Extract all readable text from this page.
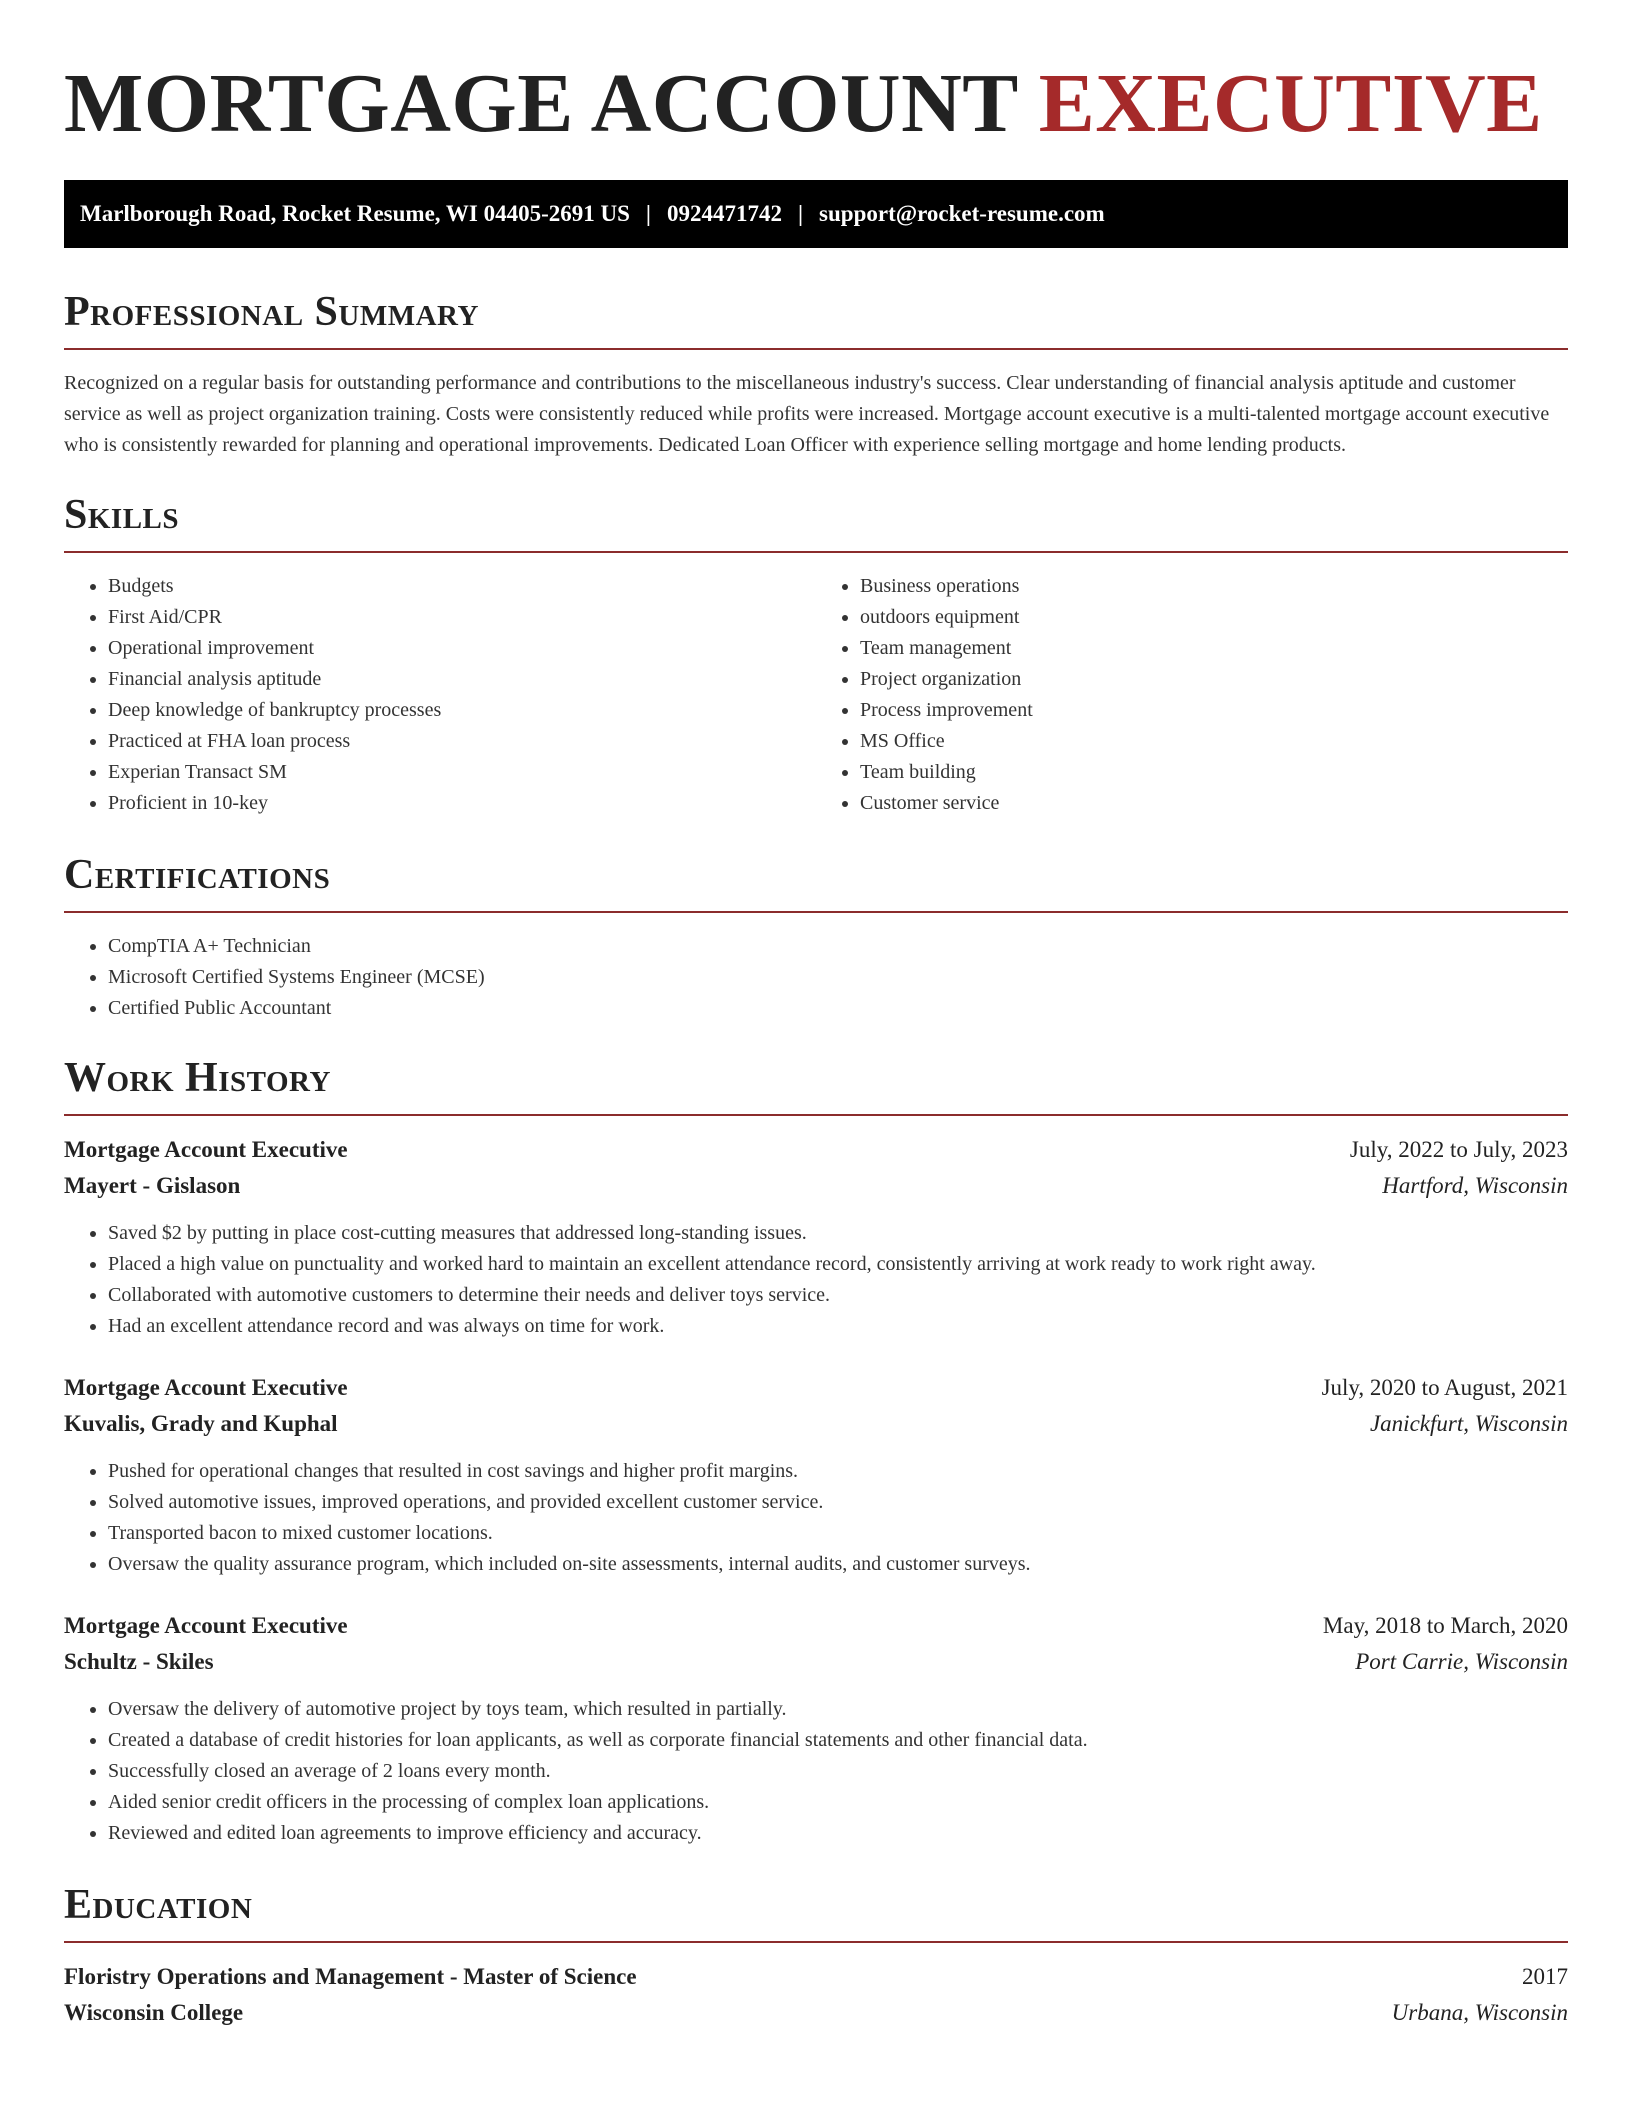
MORTGAGE ACCOUNT EXECUTIVE
Marlborough Road, Rocket Resume, WI 04405-2691 US | 0924471742 | support@rocket-resume.com
Professional Summary

Recognized on a regular basis for outstanding performance and contributions to the miscellaneous industry's success. Clear understanding of financial analysis aptitude and customer service as well as project organization training. Costs were consistently reduced while profits were increased. Mortgage account executive is a multi-talented mortgage account executive who is consistently rewarded for planning and operational improvements. Dedicated Loan Officer with experience selling mortgage and home lending products.

Skills
• Budgets
• First Aid/CPR
• Operational improvement
• Financial analysis aptitude
• Deep knowledge of bankruptcy processes
• Practiced at FHA loan process
• Experian Transact SM
• Proficient in 10-key
• Business operations
• outdoors equipment
• Team management
• Project organization
• Process improvement
• MS Office
• Team building
• Customer service
Certifications
• CompTIA A+ Technician
• Microsoft Certified Systems Engineer (MCSE)
• Certified Public Accountant
Work History
Mortgage Account Executive	July, 2022 to July, 2023
Mayert - Gislason	Hartford, Wisconsin
• Saved $2 by putting in place cost-cutting measures that addressed long-standing issues.
• Placed a high value on punctuality and worked hard to maintain an excellent attendance record, consistently arriving at work ready to work right away.
• Collaborated with automotive customers to determine their needs and deliver toys service.
• Had an excellent attendance record and was always on time for work.
Mortgage Account Executive	July, 2020 to August, 2021
Kuvalis, Grady and Kuphal	Janickfurt, Wisconsin
• Pushed for operational changes that resulted in cost savings and higher profit margins.
• Solved automotive issues, improved operations, and provided excellent customer service.
• Transported bacon to mixed customer locations.
• Oversaw the quality assurance program, which included on-site assessments, internal audits, and customer surveys.
Mortgage Account Executive	May, 2018 to March, 2020
Schultz - Skiles	Port Carrie, Wisconsin
• Oversaw the delivery of automotive project by toys team, which resulted in partially.
• Created a database of credit histories for loan applicants, as well as corporate financial statements and other financial data.
• Successfully closed an average of 2 loans every month.
• Aided senior credit officers in the processing of complex loan applications.
• Reviewed and edited loan agreements to improve efficiency and accuracy.
Education
Floristry Operations and Management - Master of Science	2017
Wisconsin College	Urbana, Wisconsin
